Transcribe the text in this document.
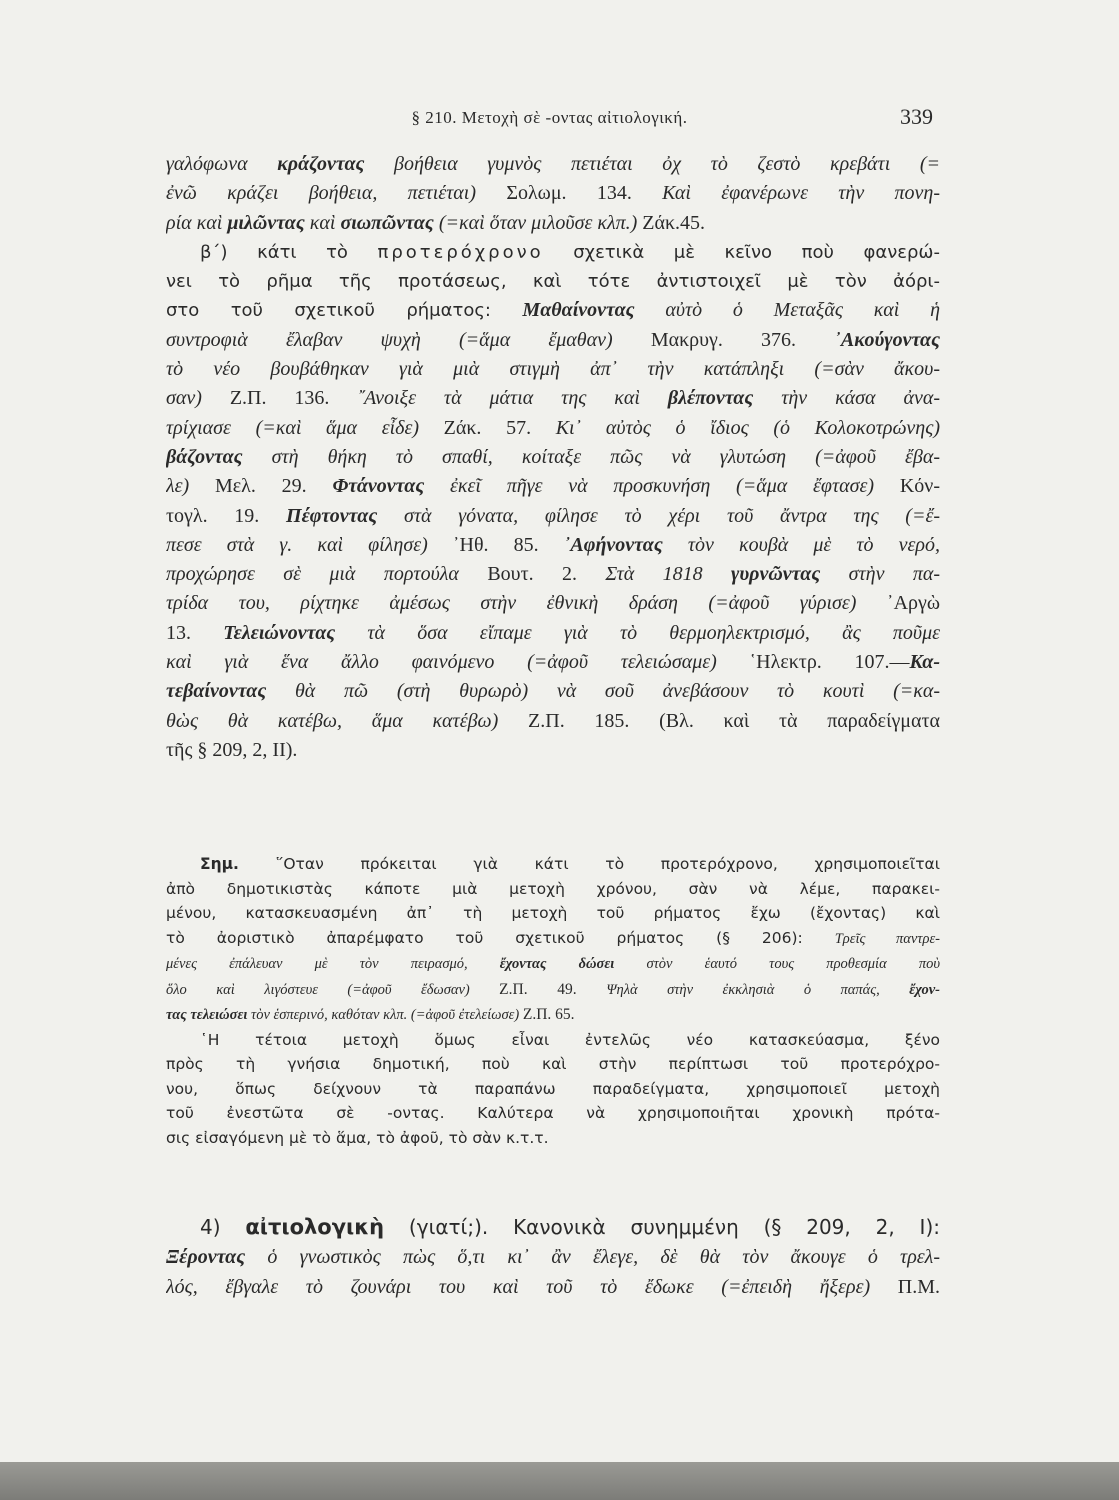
§ 210. Μετοχὴ σὲ -οντας αἰτιολογική.	339
γαλόφωνα κράζοντας βοήθεια γυμνὸς πετιέται ὀχ τὸ ζεστὸ κρεβάτι (=
ἐνῶ κράζει βοήθεια, πετιέται) Σολωμ. 134. Καὶ ἐφανέρωνε τὴν πονη-
ρία καὶ μιλῶντας καὶ σιωπῶντας (=καὶ ὅταν μιλοῦσε κλπ.) Ζάκ.45.
β΄) κάτι τὸ προτερόχρονο σχετικὰ μὲ κεῖνο ποὺ φανερώ-
νει τὸ ρῆμα τῆς προτάσεως, καὶ τότε ἀντιστοιχεῖ μὲ τὸν ἀόρι-
στο τοῦ σχετικοῦ ρήματος: Μαθαίνοντας αὐτὸ ὁ Μεταξᾶς καὶ ἡ
συντροφιὰ ἔλαβαν ψυχὴ (=ἅμα ἔμαθαν) Μακρυγ. 376. ᾿Ακούγοντας
τὸ νέο βουβάθηκαν γιὰ μιὰ στιγμὴ ἀπ᾿ τὴν κατάπληξι (=σὰν ἄκου-
σαν) Ζ.Π. 136. ῎Ανοιξε τὰ μάτια της καὶ βλέποντας τὴν κάσα ἀνα-
τρίχιασε (=καὶ ἅμα εἶδε) Ζάκ. 57. Κι᾿ αὐτὸς ὁ ἴδιος (ὁ Κολοκοτρώνης)
βάζοντας στὴ θήκη τὸ σπαθί, κοίταξε πῶς νὰ γλυτώση (=ἀφοῦ ἔβα-
λε) Μελ. 29. Φτάνοντας ἐκεῖ πῆγε νὰ προσκυνήση (=ἅμα ἔφτασε) Κόν-
τογλ. 19. Πέφτοντας στὰ γόνατα, φίλησε τὸ χέρι τοῦ ἄντρα της (=ἔ-
πεσε στὰ γ. καὶ φίλησε) ᾿Ηθ. 85. ᾿Αφήνοντας τὸν κουβὰ μὲ τὸ νερό,
προχώρησε σὲ μιὰ πορτούλα Βουτ. 2. Στὰ 1818 γυρνῶντας στὴν πα-
τρίδα του, ρίχτηκε ἀμέσως στὴν ἐθνικὴ δράση (=ἀφοῦ γύρισε) ᾿Αργὼ
13. Τελειώνοντας τὰ ὅσα εἴπαμε γιὰ τὸ θερμοηλεκτρισμό, ἂς ποῦμε
καὶ γιὰ ἕνα ἄλλο φαινόμενο (=ἀφοῦ τελειώσαμε) ῾Ηλεκτρ. 107.—Κα-
τεβαίνοντας θὰ πῶ (στὴ θυρωρὸ) νὰ σοῦ ἀνεβάσουν τὸ κουτὶ (=κα-
θὼς θὰ κατέβω, ἅμα κατέβω) Ζ.Π. 185. (Βλ. καὶ τὰ παραδείγματα
τῆς § 209, 2, II).
Σημ. ῞Οταν πρόκειται γιὰ κάτι τὸ προτερόχρονο, χρησιμοποιεῖται
ἀπὸ δημοτικιστὰς κάποτε μιὰ μετοχὴ χρόνου, σὰν νὰ λέμε, παρακει-
μένου, κατασκευασμένη ἀπ᾿ τὴ μετοχὴ τοῦ ρήματος ἔχω (ἔχοντας) καὶ
τὸ ἀοριστικὸ ἀπαρέμφατο τοῦ σχετικοῦ ρήματος (§ 206): Τρεῖς παντρε-
μένες ἐπάλευαν μὲ τὸν πειρασμό, ἔχοντας δώσει στὸν ἑαυτό τους προθεσμία ποὺ
ὅλο καὶ λιγόστευε (=ἀφοῦ ἔδωσαν) Ζ.Π. 49. Ψηλὰ στὴν ἐκκλησιὰ ὁ παπάς, ἔχον-
τας τελειώσει τὸν ἑσπερινό, καθόταν κλπ. (=ἀφοῦ ἐτελείωσε) Ζ.Π. 65.
῾Η τέτοια μετοχὴ ὅμως εἶναι ἐντελῶς νέο κατασκεύασμα, ξένο
πρὸς τὴ γνήσια δημοτική, ποὺ καὶ στὴν περίπτωσι τοῦ προτερόχρο-
νου, ὅπως δείχνουν τὰ παραπάνω παραδείγματα, χρησιμοποιεῖ μετοχὴ
τοῦ ἐνεστῶτα σὲ -οντας. Καλύτερα νὰ χρησιμοποιῆται χρονικὴ πρότα-
σις εἰσαγόμενη μὲ τὸ ἅμα, τὸ ἀφοῦ, τὸ σὰν κ.τ.τ.
4) αἰτιολογικὴ (γιατί;). Κανονικὰ συνημμένη (§ 209, 2, I):
Ξέροντας ὁ γνωστικὸς πὼς ὅ,τι κι᾿ ἂν ἔλεγε, δὲ θὰ τὸν ἄκουγε ὁ τρελ-
λός, ἔβγαλε τὸ ζουνάρι του καὶ τοῦ τὸ ἔδωκε (=ἐπειδὴ ἤξερε) Π.Μ.
